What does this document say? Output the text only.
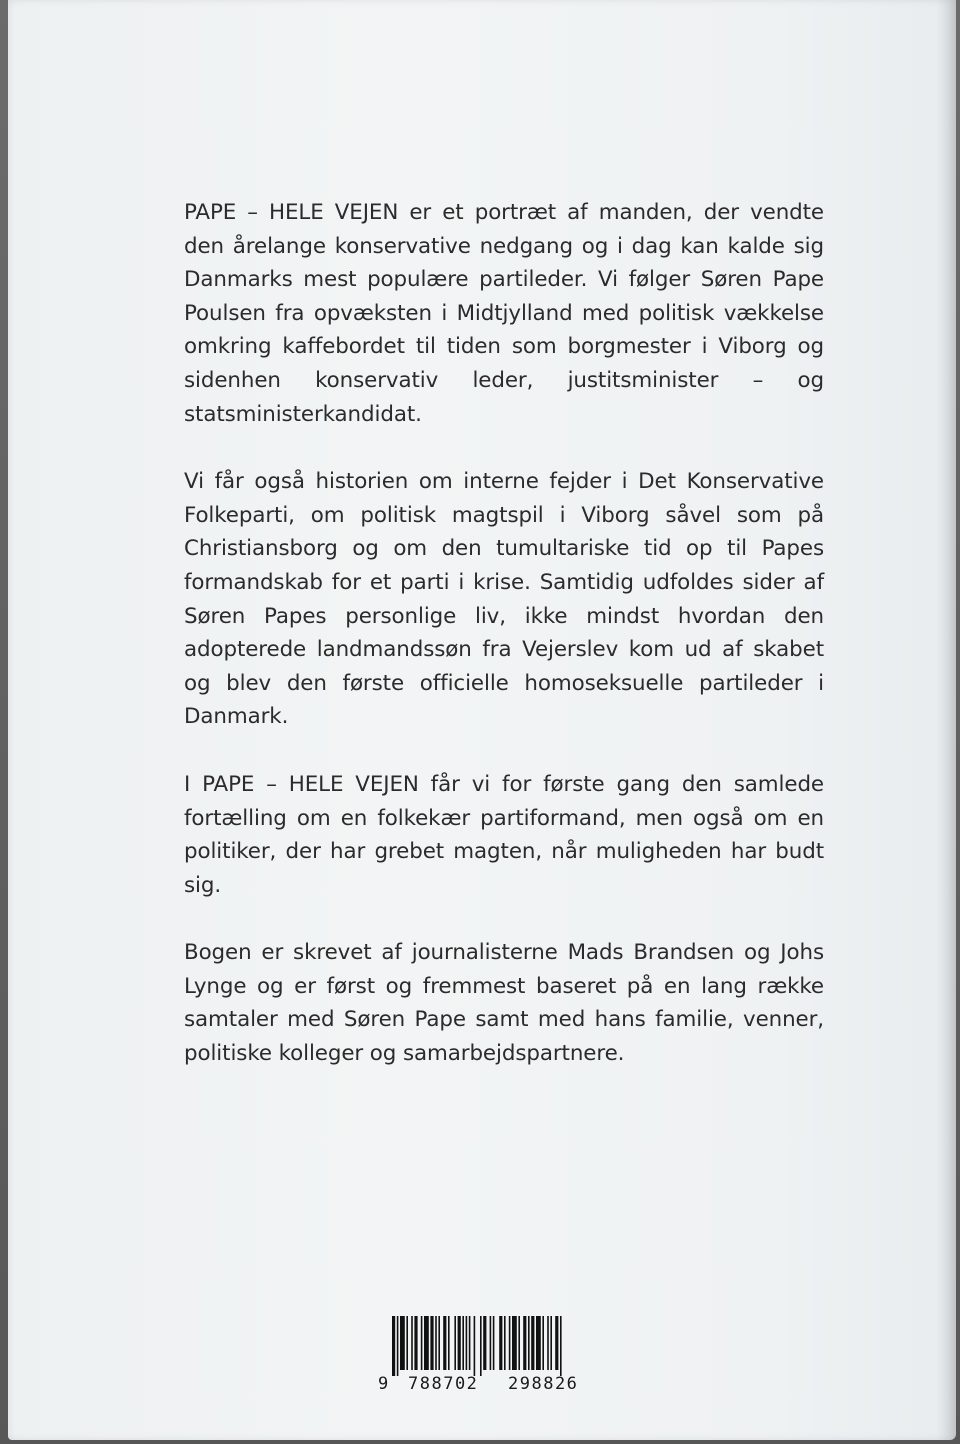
PAPE – HELE VEJEN er et portræt af manden, der vendte den årelange konservative nedgang og i dag kan kalde sig Danmarks mest populære partileder. Vi følger Søren Pape Poulsen fra opvæksten i Midtjylland med politisk vækkelse omkring kaffebordet til tiden som borgmester i Viborg og sidenhen konservativ leder, justitsminister – og statsministerkandidat.

Vi får også historien om interne fejder i Det Konservative Folkeparti, om politisk magtspil i Viborg såvel som på Christiansborg og om den tumultariske tid op til Papes formandskab for et parti i krise. Samtidig udfoldes sider af Søren Papes personlige liv, ikke mindst hvordan den adopterede landmandssøn fra Vejerslev kom ud af skabet og blev den første officielle homoseksuelle partileder i Danmark.

I PAPE – HELE VEJEN får vi for første gang den samlede fortælling om en folkekær partiformand, men også om en politiker, der har grebet magten, når muligheden har budt sig.

Bogen er skrevet af journalisterne Mads Brandsen og Johs Lynge og er først og fremmest baseret på en lang række samtaler med Søren Pape samt med hans familie, venner, politiske kolleger og samarbejdspartnere.

9 788702 298826
